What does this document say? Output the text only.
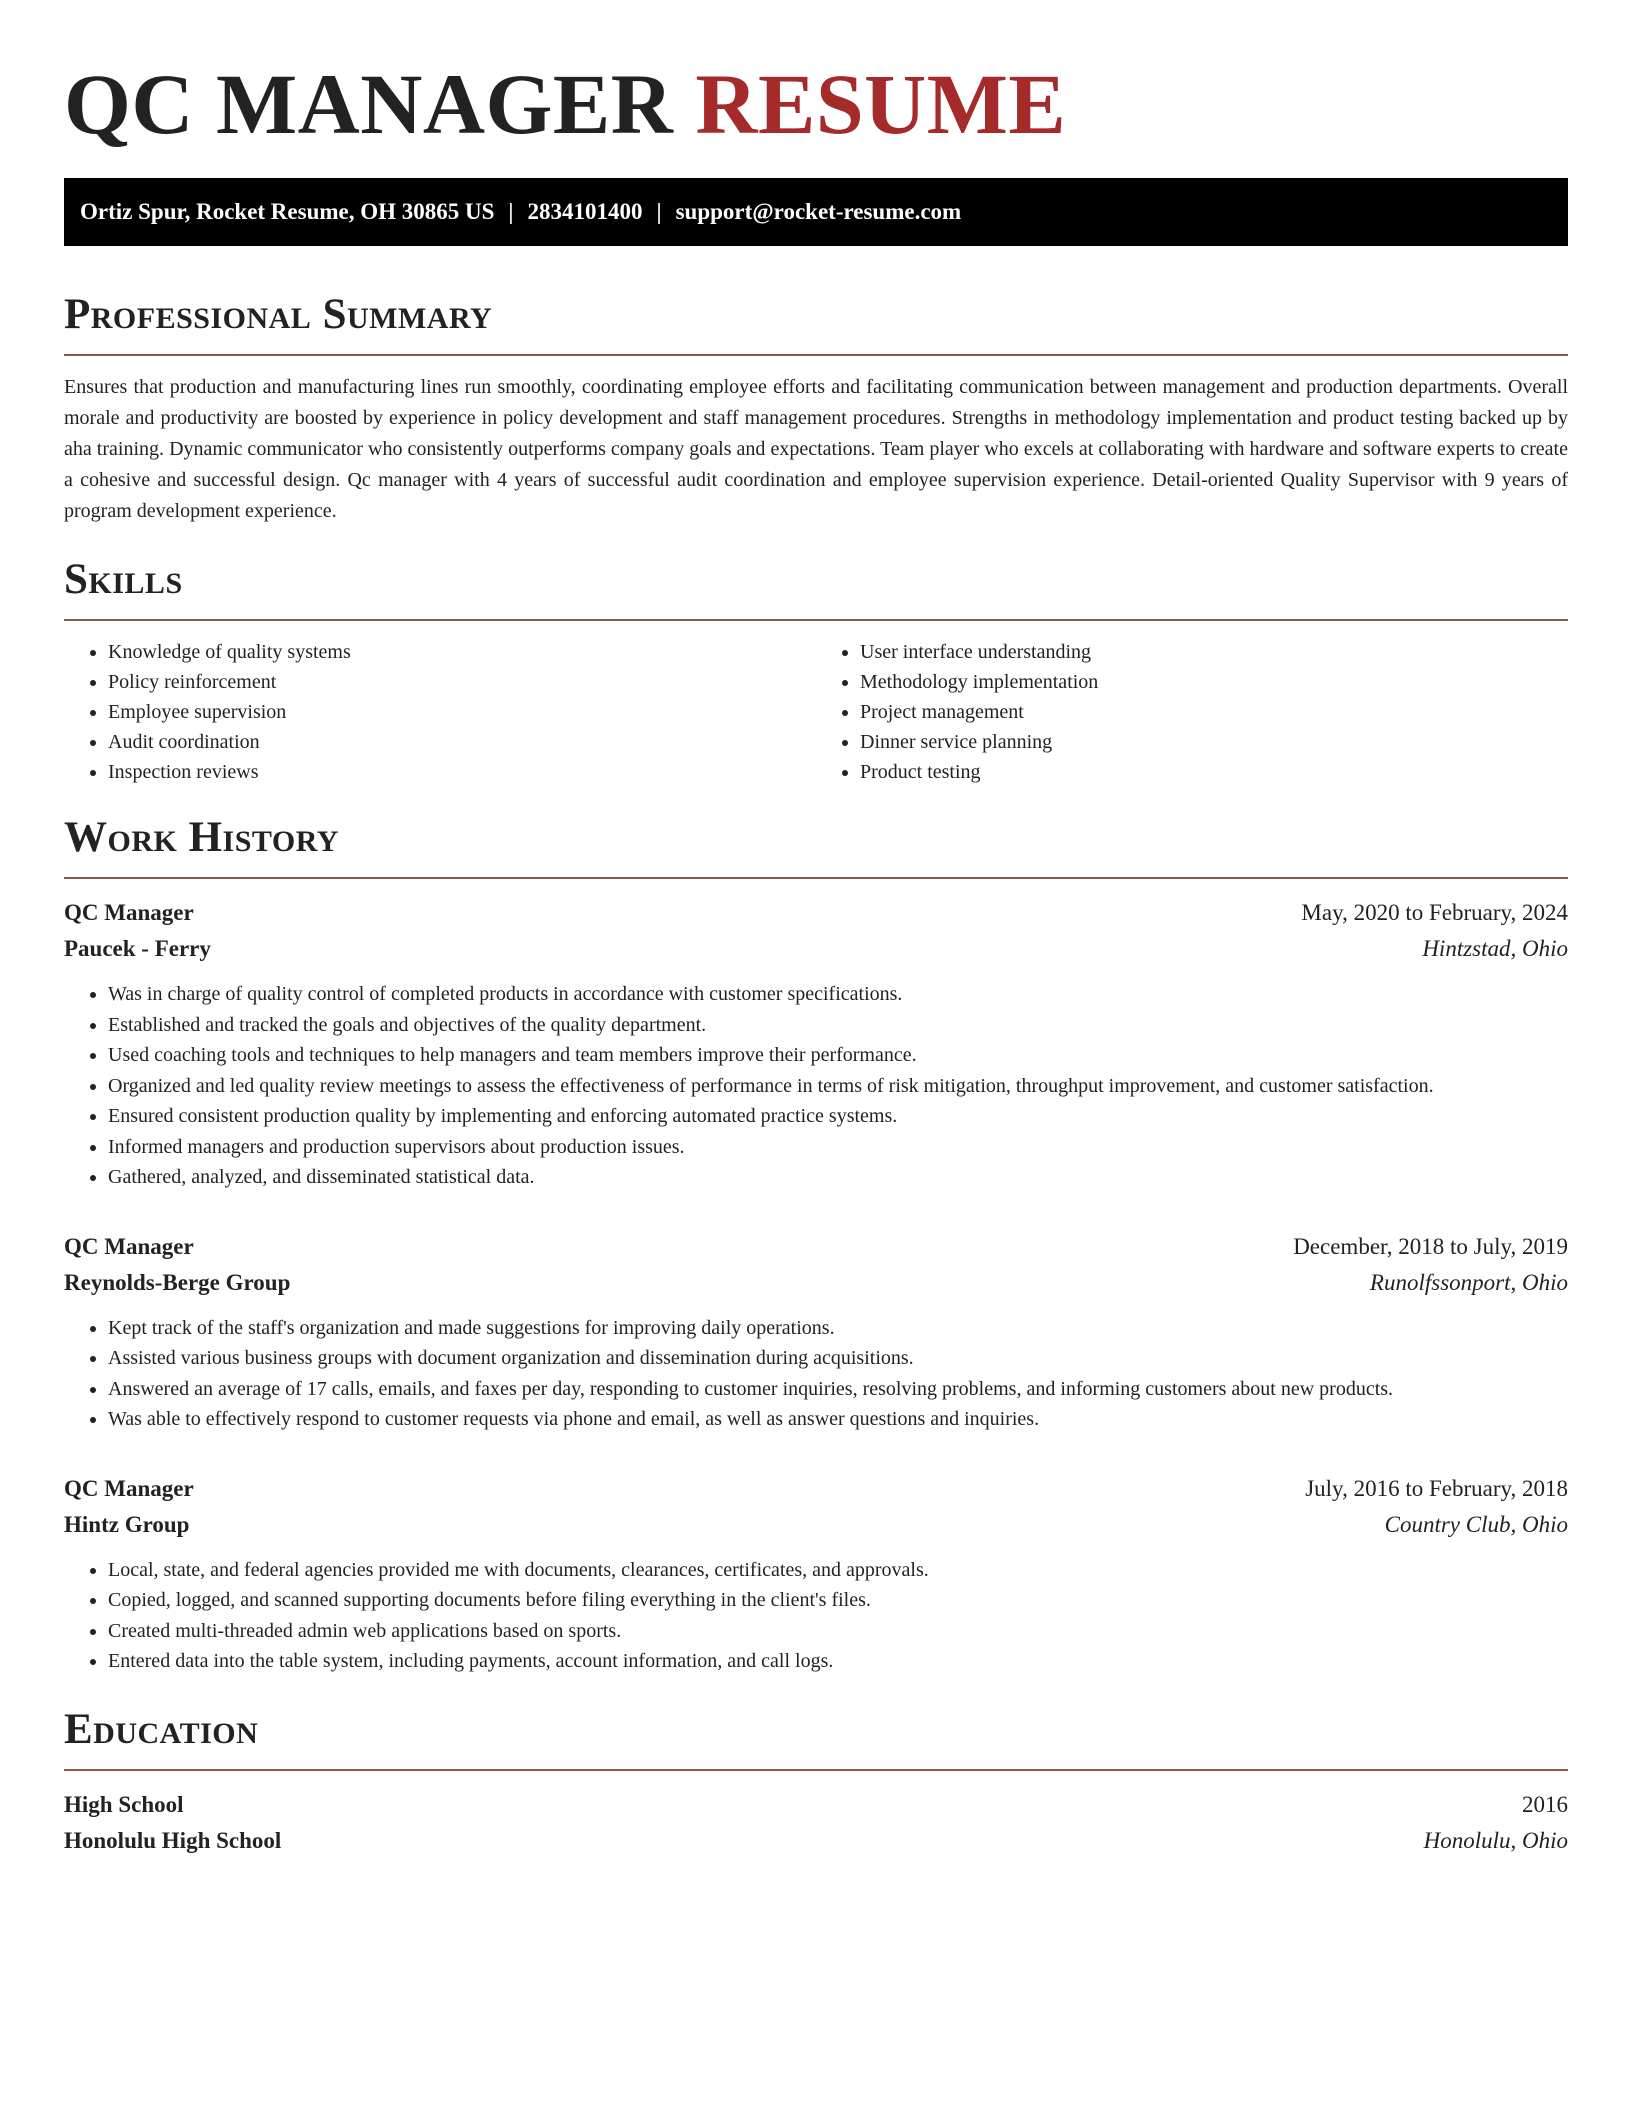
QC MANAGER RESUME
Ortiz Spur, Rocket Resume, OH 30865 US | 2834101400 | support@rocket-resume.com
Professional Summary

Ensures that production and manufacturing lines run smoothly, coordinating employee efforts and facilitating communication between management and production departments. Overall morale and productivity are boosted by experience in policy development and staff management procedures. Strengths in methodology implementation and product testing backed up by aha training. Dynamic communicator who consistently outperforms company goals and expectations. Team player who excels at collaborating with hardware and software experts to create a cohesive and successful design. Qc manager with 4 years of successful audit coordination and employee supervision experience. Detail-oriented Quality Supervisor with 9 years of program development experience.

Skills
• Knowledge of quality systems
• Policy reinforcement
• Employee supervision
• Audit coordination
• Inspection reviews
• User interface understanding
• Methodology implementation
• Project management
• Dinner service planning
• Product testing
Work History
QC Manager	May, 2020 to February, 2024
Paucek - Ferry	Hintzstad, Ohio
• Was in charge of quality control of completed products in accordance with customer specifications.
• Established and tracked the goals and objectives of the quality department.
• Used coaching tools and techniques to help managers and team members improve their performance.
• Organized and led quality review meetings to assess the effectiveness of performance in terms of risk mitigation, throughput improvement, and customer satisfaction.
• Ensured consistent production quality by implementing and enforcing automated practice systems.
• Informed managers and production supervisors about production issues.
• Gathered, analyzed, and disseminated statistical data.
QC Manager	December, 2018 to July, 2019
Reynolds-Berge Group	Runolfssonport, Ohio
• Kept track of the staff's organization and made suggestions for improving daily operations.
• Assisted various business groups with document organization and dissemination during acquisitions.
• Answered an average of 17 calls, emails, and faxes per day, responding to customer inquiries, resolving problems, and informing customers about new products.
• Was able to effectively respond to customer requests via phone and email, as well as answer questions and inquiries.
QC Manager	July, 2016 to February, 2018
Hintz Group	Country Club, Ohio
• Local, state, and federal agencies provided me with documents, clearances, certificates, and approvals.
• Copied, logged, and scanned supporting documents before filing everything in the client's files.
• Created multi-threaded admin web applications based on sports.
• Entered data into the table system, including payments, account information, and call logs.
Education
High School	2016
Honolulu High School	Honolulu, Ohio
